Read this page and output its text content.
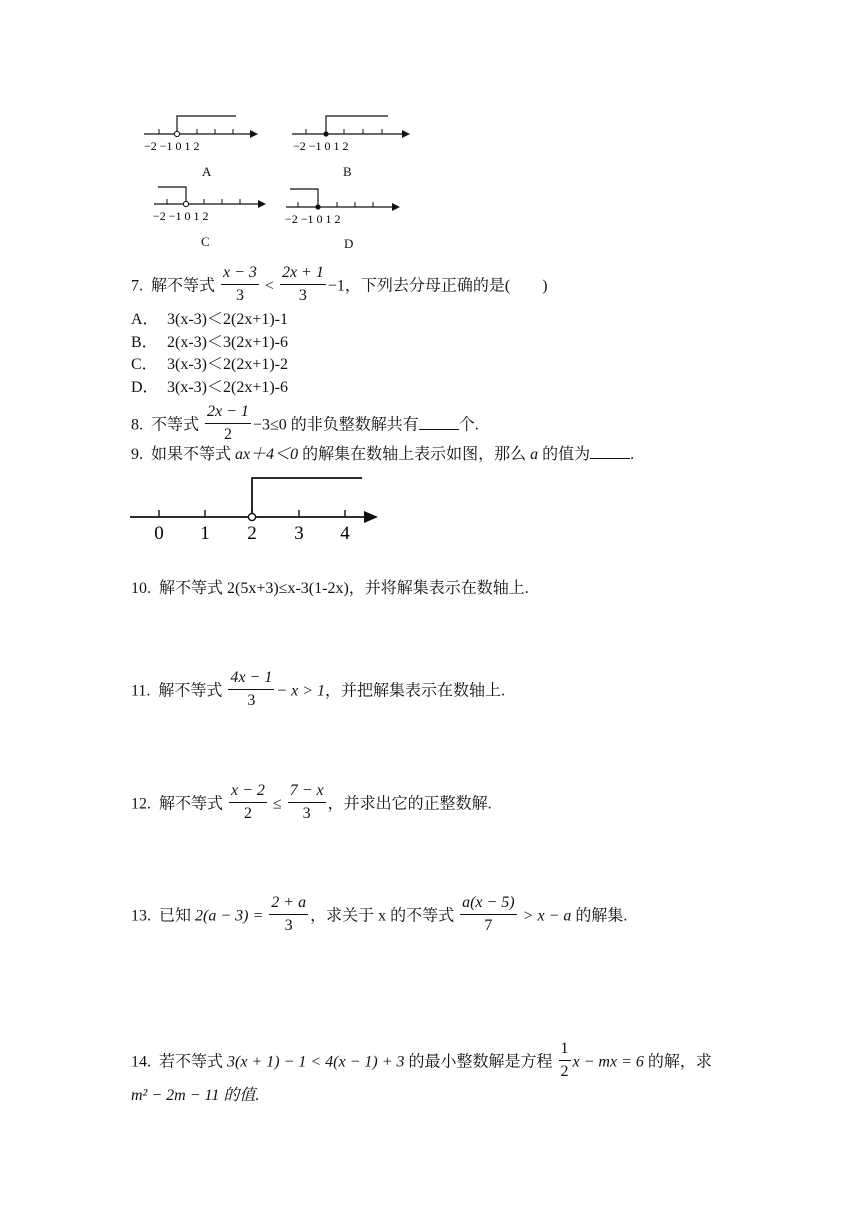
−2 −1 0 1 2
A
−2 −1 0 1 2
B
−2 −1 0 1 2
C
−2 −1 0 1 2
D
7. 解不等式 $\frac{x - 3}{3} < \frac{2x + 1}{3} -1$，下列去分母正确的是(　　)
A． 3(x-3)＜2(2x+1)-1
B． 2(x-3)＜3(2x+1)-6
C． 3(x-3)＜2(2x+1)-2
D． 3(x-3)＜2(2x+1)-6
8. 不等式 $\frac{2x - 1}{2} -3\le 0$ 的非负整数解共有	个.
9. 如果不等式 ax＋4＜0 的解集在数轴上表示如图，那么 a 的值为	.
0 1 2 3 4
10. 解不等式 2(5x+3)≤x-3(1-2x)，并将解集表示在数轴上.
11. 解不等式 $\frac{4x - 1}{3} - x > 1$，并把解集表示在数轴上.
12. 解不等式 $\frac{x - 2}{2} \le \frac{7 - x}{3}$ ，并求出它的正整数解.
13. 已知 $2(a - 3) = \frac{2 + a}{3}$ ，求关于 x 的不等式 $\frac{a(x - 5)}{7} > x - a$ 的解集.
14. 若不等式 3(x + 1) − 1 < 4(x − 1) + 3 的最小整数解是方程 $\frac{1}{2}$ x − mx = 6 的解，求
m² − 2m − 11 的值.
